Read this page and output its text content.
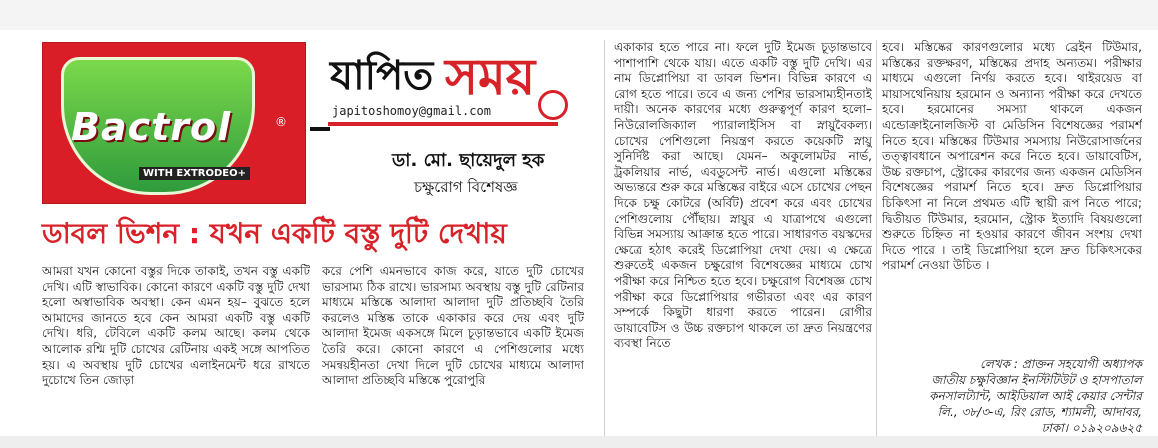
Bactrol	®
WITH EXTRODEO+
যাপিত সময়
japitoshomoy@gmail.com
ডা. মো. ছায়েদুল হক
চক্ষুরোগ বিশেষজ্ঞ
ডাবল ভিশন : যখন একটি বস্তু দুটি দেখায়
আমরা যখন কোনো বস্তুর দিকে তাকাই, তখন বস্তু একটি দেখি। এটি স্বাভাবিক। কোনো কারণে একটি বস্তু দুটি দেখা হলো অস্বাভাবিক অবস্থা। কেন এমন হয়– বুঝতে হলে আমাদের জানতে হবে কেন আমরা একটি বস্তু একটি দেখি। ধরি, টেবিলে একটি কলম আছে। কলম থেকে আলোক রশ্মি দুটি চোখের রেটিনায় একই সঙ্গে আপতিত হয়। এ অবস্থায় দুটি চোখের এলাইনমেন্ট ধরে রাখতে দুচোখে তিন জোড়া
করে পেশি এমনভাবে কাজ করে, যাতে দুটি চোখের ভারসাম্য ঠিক রাখে। ভারসাম্য অবস্থায় বস্তু দুটি রেটিনার মাধ্যমে মস্তিষ্কে আলাদা আলাদা দুটি প্রতিচ্ছবি তৈরি করলেও মস্তিষ্ক তাকে একাকার করে দেয় এবং দুটি আলাদা ইমেজ একসঙ্গে মিলে চূড়ান্তভাবে একটি ইমেজ তৈরি করে। কোনো কারণে এ পেশিগুলোর মধ্যে সমন্বয়হীনতা দেখা দিলে দুটি চোখের মাধ্যমে আলাদা আলাদা প্রতিচ্ছবি মস্তিষ্কে পুরোপুরি
একাকার হতে পারে না। ফলে দুটি ইমেজ চূড়ান্তভাবে পাশাপাশি থেকে যায়। এতে একটি বস্তু দুটি দেখি। এর নাম ডিপ্লোপিয়া বা ডাবল ভিশন। বিভিন্ন কারণে এ রোগ হতে পারে। তবে এ জন্য পেশির ভারসাম্যহীনতাই দায়ী। অনেক কারণের মধ্যে গুরুত্বপূর্ণ কারণ হলো– নিউরোলজিক্যাল প্যারালাইসিস বা স্নায়ুবৈকল্য। চোখের পেশিগুলো নিয়ন্ত্রণ করতে কয়েকটি স্নায়ু সুনির্দিষ্ট করা আছে। যেমন– অকুলোমটর নার্ভ, ট্রকলিয়ার নার্ভ, এবডুসেন্ট নার্ভ। এগুলো মস্তিষ্কের অভ্যন্তরে শুরু করে মস্তিষ্কের বাইরে এসে চোখের পেছন দিকে চক্ষু কোটরে (অর্বিট) প্রবেশ করে এবং চোখের পেশিগুলোয় পৌঁছায়। স্নায়ুর এ যাত্রাপথে এগুলো বিভিন্ন সমস্যায় আক্রান্ত হতে পারে। সাধারণত বয়স্কদের ক্ষেত্রে হঠাৎ করেই ডিপ্লোপিয়া দেখা দেয়। এ ক্ষেত্রে শুরুতেই একজন চক্ষুরোগ বিশেষজ্ঞের মাধ্যমে চোখ পরীক্ষা করে নিশ্চিত হতে হবে। চক্ষুরোগ বিশেষজ্ঞ চোখ পরীক্ষা করে ডিপ্লোপিয়ার গভীরতা এবং এর কারণ সম্পর্কে কিছুটা ধারণা করতে পারেন। রোগীর ডায়াবেটিস ও উচ্চ রক্তচাপ থাকলে তা দ্রুত নিয়ন্ত্রণের ব্যবস্থা নিতে
হবে। মস্তিষ্কের কারণগুলোর মধ্যে ব্রেইন টিউমার, মস্তিষ্কের রক্তক্ষরণ, মস্তিষ্কের প্রদাহ অন্যতম। পরীক্ষার মাধ্যমে এগুলো নির্ণয় করতে হবে। থাইরয়েড বা মায়াসথেনিয়ায় হরমোন ও অন্যান্য পরীক্ষা করে দেখতে হবে। হরমোনের সমস্যা থাকলে একজন এন্ডোক্রাইনোলজিস্ট বা মেডিসিন বিশেষজ্ঞের পরামর্শ নিতে হবে। মস্তিষ্কের টিউমার সমস্যায় নিউরোসার্জনের তত্ত্বাবধানে অপারেশন করে নিতে হবে। ডায়াবেটিস, উচ্চ রক্তচাপ, স্ট্রোকের কারণের জন্য একজন মেডিসিন বিশেষজ্ঞের পরামর্শ নিতে হবে। দ্রুত ডিপ্লোপিয়ার চিকিৎসা না নিলে প্রথমত এটি স্থায়ী রূপ নিতে পারে; দ্বিতীয়ত টিউমার, হরমোন, স্ট্রোক ইত্যাদি বিষয়গুলো শুরুতে চিহ্নিত না হওয়ার কারণে জীবন সংশয় দেখা দিতে পারে । তাই ডিপ্লোপিয়া হলে দ্রুত চিকিৎসকের পরামর্শ নেওয়া উচিত ।
লেখক : প্রাক্তন সহযোগী অধ্যাপক
জাতীয় চক্ষুবিজ্ঞান ইনস্টিটিউট ও হাসপাতাল
কনসালট্যান্ট, আইডিয়াল আই কেয়ার সেন্টার
লি., ৩৮/৩-এ, রিং রোড, শ্যামলী, আদাবর,
ঢাকা। ০১৯২০৯৬২৫
